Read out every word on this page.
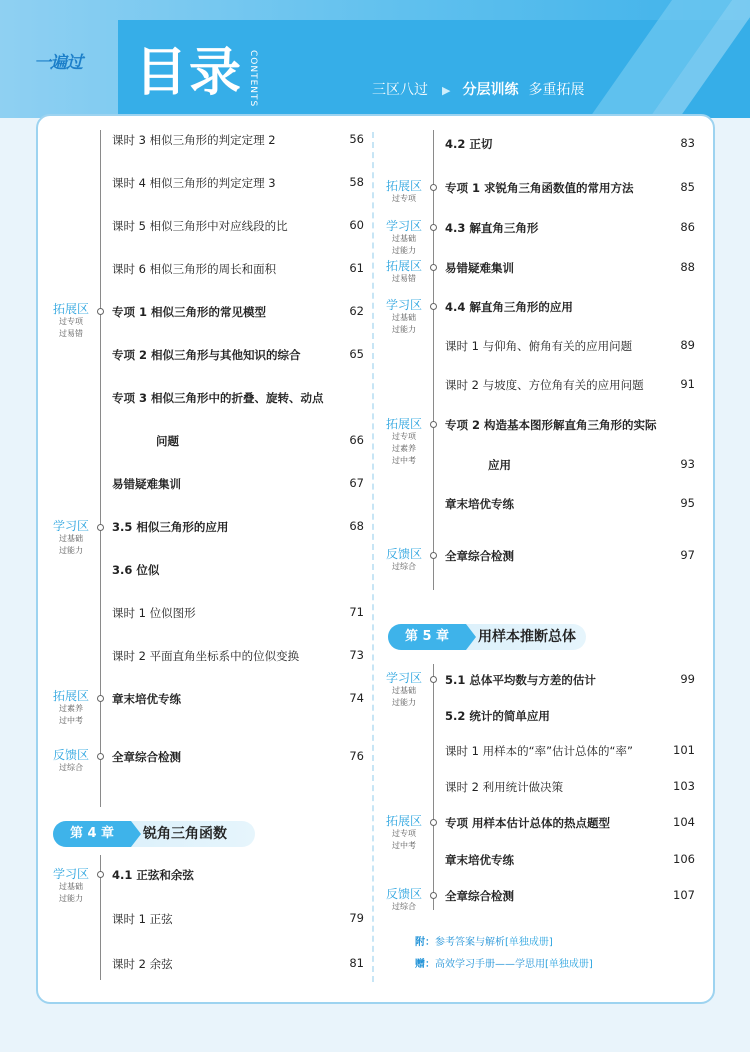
一遍过	目录 CONTENTS	三区八过 ▶ 分层训练 多重拓展
课时 3 相似三角形的判定定理 2	56
课时 4 相似三角形的判定定理 3	58
课时 5 相似三角形中对应线段的比	60
课时 6 相似三角形的周长和面积	61
专项 1 相似三角形的常见模型	62
专项 2 相似三角形与其他知识的综合	65
专项 3 相似三角形中的折叠、旋转、动点
问题	66
易错疑难集训	67
3.5 相似三角形的应用	68
3.6 位似
课时 1 位似图形	71
课时 2 平面直角坐标系中的位似变换	73
章末培优专练	74
全章综合检测	76
第 4 章	锐角三角函数
4.1 正弦和余弦
课时 1 正弦	79
课时 2 余弦	81
拓展区
过专项
过易错
学习区
过基础
过能力
拓展区
过素养
过中考
反馈区
过综合
学习区
过基础
过能力
4.2 正切	83
专项 1 求锐角三角函数值的常用方法	85
4.3 解直角三角形	86
易错疑难集训	88
4.4 解直角三角形的应用
课时 1 与仰角、俯角有关的应用问题	89
课时 2 与坡度、方位角有关的应用问题	91
专项 2 构造基本图形解直角三角形的实际
应用	93
章末培优专练	95
全章综合检测	97
第 5 章	用样本推断总体
5.1 总体平均数与方差的估计	99
5.2 统计的简单应用
课时 1 用样本的“率”估计总体的“率”	101
课时 2 利用统计做决策	103
专项 用样本估计总体的热点题型	104
章末培优专练	106
全章综合检测	107
拓展区
过专项
学习区
过基础
过能力
拓展区
过易错
学习区
过基础
过能力
拓展区
过专项
过素养
过中考
反馈区
过综合
学习区
过基础
过能力
拓展区
过专项
过中考
反馈区
过综合
附：参考答案与解析[单独成册]
赠：高效学习手册——学思用[单独成册]
